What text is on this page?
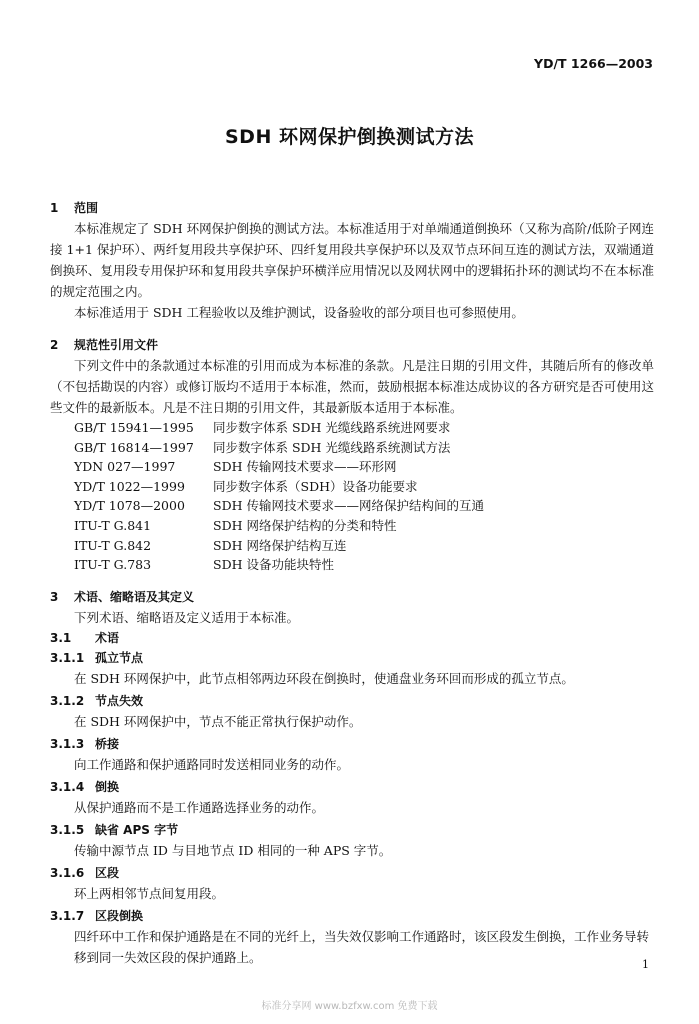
YD/T 1266—2003
SDH 环网保护倒换测试方法
1 范围

本标准规定了 SDH 环网保护倒换的测试方法。本标准适用于对单端通道倒换环（又称为高阶/低阶子网连接 1+1 保护环）、两纤复用段共享保护环、四纤复用段共享保护环以及双节点环间互连的测试方法，双端通道倒换环、复用段专用保护环和复用段共享保护环横洋应用情况以及网状网中的逻辑拓扑环的测试均不在本标准的规定范围之内。

本标准适用于 SDH 工程验收以及维护测试，设备验收的部分项目也可参照使用。

2 规范性引用文件

下列文件中的条款通过本标准的引用而成为本标准的条款。凡是注日期的引用文件，其随后所有的修改单（不包括勘误的内容）或修订版均不适用于本标准，然而，鼓励根据本标准达成协议的各方研究是否可使用这些文件的最新版本。凡是不注日期的引用文件，其最新版本适用于本标准。

GB/T 15941—1995	同步数字体系 SDH 光缆线路系统进网要求
GB/T 16814—1997	同步数字体系 SDH 光缆线路系统测试方法
YDN 027—1997	SDH 传输网技术要求——环形网
YD/T 1022—1999	同步数字体系（SDH）设备功能要求
YD/T 1078—2000	SDH 传输网技术要求——网络保护结构间的互通
ITU-T G.841	SDH 网络保护结构的分类和特性
ITU-T G.842	SDH 网络保护结构互连
ITU-T G.783	SDH 设备功能块特性
3 术语、缩略语及其定义

下列术语、缩略语及定义适用于本标准。

3.1 术语
3.1.1 孤立节点

在 SDH 环网保护中，此节点相邻两边环段在倒换时，使通盘业务环回而形成的孤立节点。

3.1.2 节点失效

在 SDH 环网保护中，节点不能正常执行保护动作。

3.1.3 桥接

向工作通路和保护通路同时发送相同业务的动作。

3.1.4 倒换

从保护通路而不是工作通路选择业务的动作。

3.1.5 缺省 APS 字节

传输中源节点 ID 与目地节点 ID 相同的一种 APS 字节。

3.1.6 区段

环上两相邻节点间复用段。

3.1.7 区段倒换

四纤环中工作和保护通路是在不同的光纤上，当失效仅影响工作通路时，该区段发生倒换，工作业务导转移到同一失效区段的保护通路上。	1
标准分享网 www.bzfxw.com 免费下载
